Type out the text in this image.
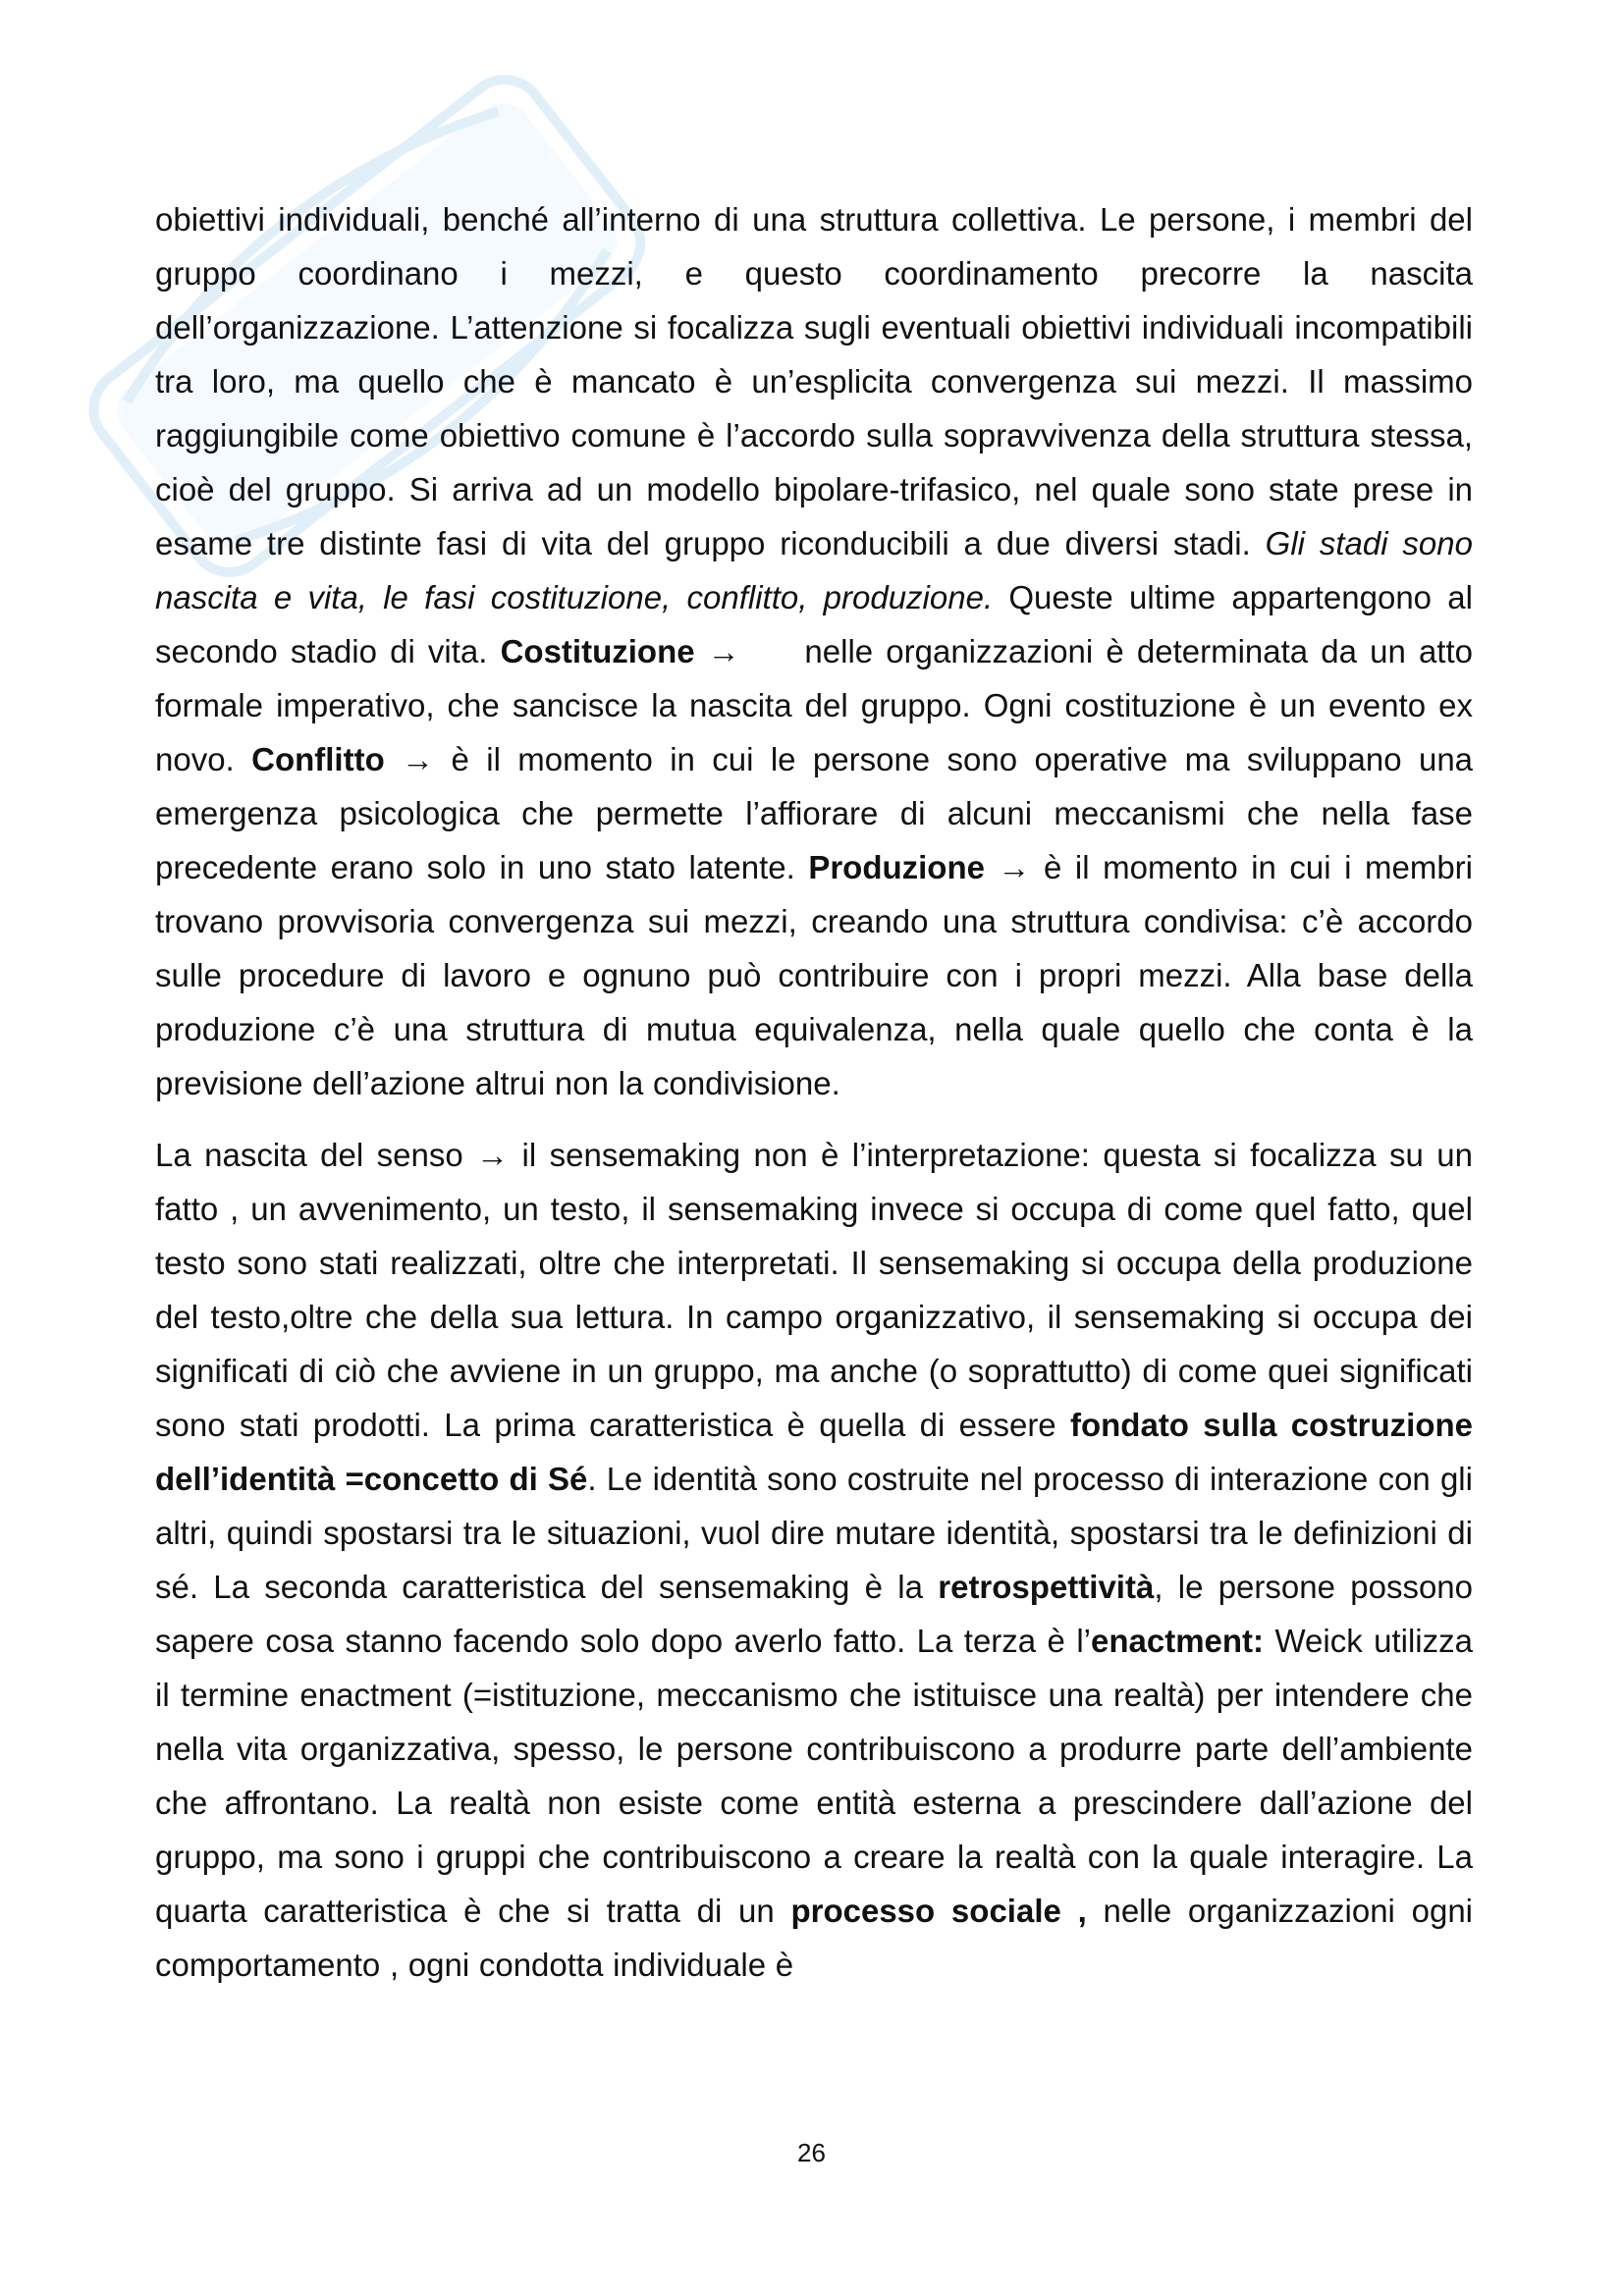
obiettivi individuali, benché all’interno di una struttura collettiva. Le persone, i membri del gruppo coordinano i mezzi, e questo coordinamento precorre la nascita dell’organizzazione. L’attenzione si focalizza sugli eventuali obiettivi individuali incompatibili tra loro, ma quello che è mancato è un’esplicita convergenza sui mezzi. Il massimo raggiungibile come obiettivo comune è l’accordo sulla sopravvivenza della struttura stessa, cioè del gruppo. Si arriva ad un modello bipolare-trifasico, nel quale sono state prese in esame tre distinte fasi di vita del gruppo riconducibili a due diversi stadi. Gli stadi sono nascita e vita, le fasi costituzione, conflitto, produzione. Queste ultime appartengono al secondo stadio di vita. Costituzione → nelle organizzazioni è determinata da un atto formale imperativo, che sancisce la nascita del gruppo. Ogni costituzione è un evento ex novo. Conflitto → è il momento in cui le persone sono operative ma sviluppano una emergenza psicologica che permette l’affiorare di alcuni meccanismi che nella fase precedente erano solo in uno stato latente. Produzione → è il momento in cui i membri trovano provvisoria convergenza sui mezzi, creando una struttura condivisa: c’è accordo sulle procedure di lavoro e ognuno può contribuire con i propri mezzi. Alla base della produzione c’è una struttura di mutua equivalenza, nella quale quello che conta è la previsione dell’azione altrui non la condivisione.

La nascita del senso → il sensemaking non è l’interpretazione: questa si focalizza su un fatto , un avvenimento, un testo, il sensemaking invece si occupa di come quel fatto, quel testo sono stati realizzati, oltre che interpretati. Il sensemaking si occupa della produzione del testo,oltre che della sua lettura. In campo organizzativo, il sensemaking si occupa dei significati di ciò che avviene in un gruppo, ma anche (o soprattutto) di come quei significati sono stati prodotti. La prima caratteristica è quella di essere fondato sulla costruzione dell’identità =concetto di Sé. Le identità sono costruite nel processo di interazione con gli altri, quindi spostarsi tra le situazioni, vuol dire mutare identità, spostarsi tra le definizioni di sé. La seconda caratteristica del sensemaking è la retrospettività, le persone possono sapere cosa stanno facendo solo dopo averlo fatto. La terza è l’enactment: Weick utilizza il termine enactment (=istituzione, meccanismo che istituisce una realtà) per intendere che nella vita organizzativa, spesso, le persone contribuiscono a produrre parte dell’ambiente che affrontano. La realtà non esiste come entità esterna a prescindere dall’azione del gruppo, ma sono i gruppi che contribuiscono a creare la realtà con la quale interagire. La quarta caratteristica è che si tratta di un processo sociale , nelle organizzazioni ogni comportamento , ogni condotta individuale è

26
